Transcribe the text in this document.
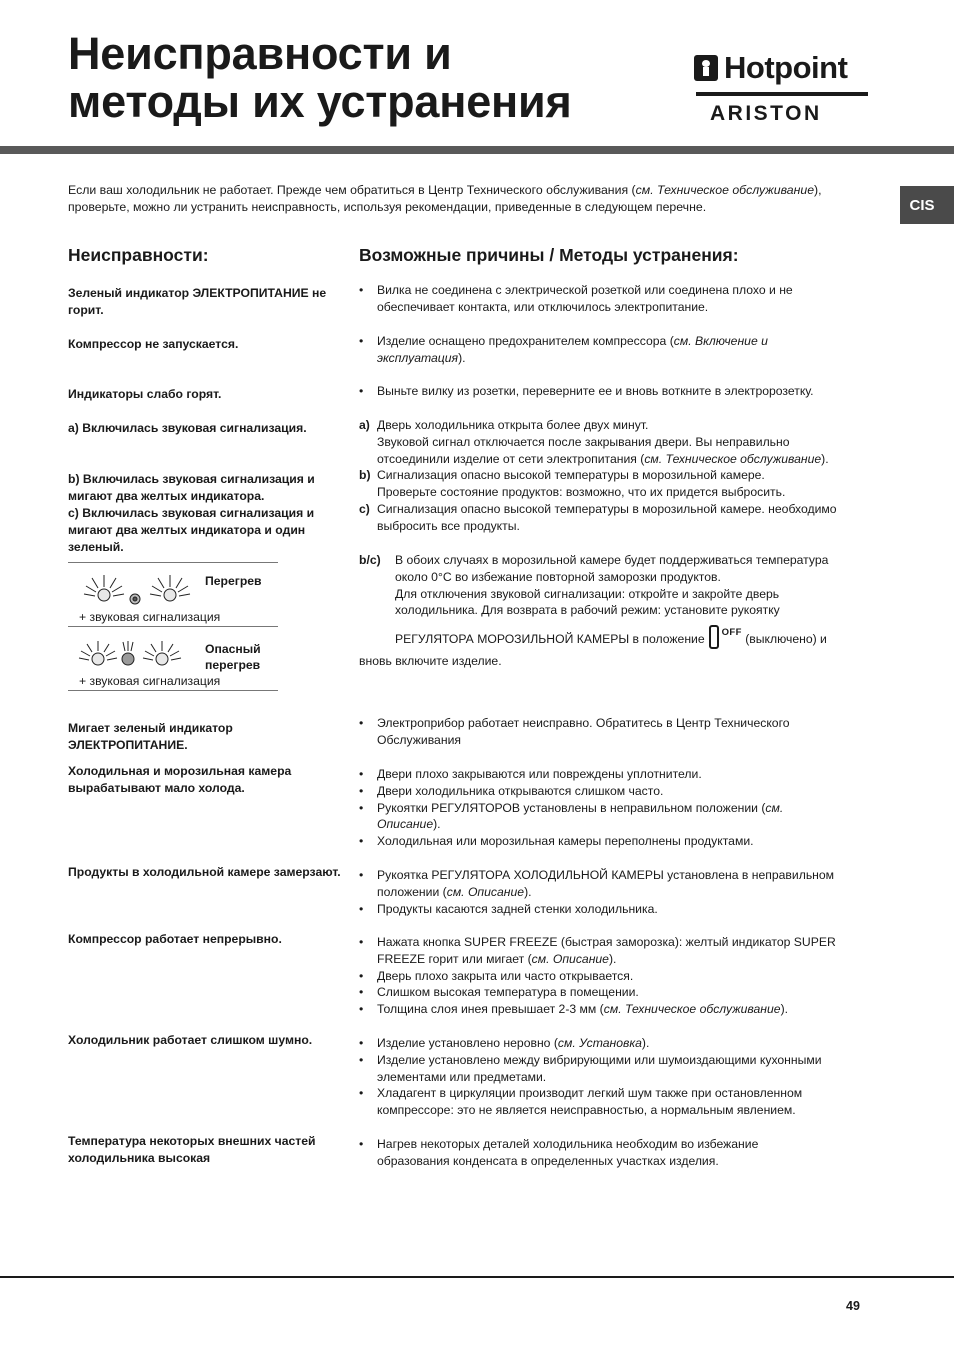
Неисправности и
методы их устранения
Hotpoint
ARISTON
CIS

Если ваш холодильник не работает. Прежде чем обратиться в Центр Технического обслуживания (см. Техническое обслуживание),
проверьте, можно ли устранить неисправность, используя рекомендации, приведенные в следующем перечне.

Неисправности:	Возможные причины / Методы устранения:

Зеленый индикатор ЭЛЕКТРОПИТАНИЕ не
горит.

Компрессор не запускается.

Индикаторы слабо горят.

a) Включилась звуковая сигнализация.

b) Включилась звуковая сигнализация и
мигают два желтых индикатора.
c) Включилась звуковая сигнализация и
мигают два желтых индикатора и один
зеленый.

Перегрев
+ звуковая сигнализация
Опасный
перегрев
+ звуковая сигнализация

Мигает зеленый индикатор
ЭЛЕКТРОПИТАНИЕ.

Холодильная и морозильная камера
вырабатывают мало холода.

Продукты в холодильной камере замерзают.

Компрессор работает непрерывно.

Холодильник работает слишком шумно.

Температура некоторых внешних частей
холодильника высокая

• Вилка не соединена с электрической розеткой или соединена плохо и не
обеспечивает контакта, или отключилось электропитание.
• Изделие оснащено предохранителем компрессора (см. Включение и
эксплуатация).
• Выньте вилку из розетки, переверните ее и вновь воткните в электророзетку.
a) Дверь холодильника открыта более двух минут.
Звуковой сигнал отключается после закрывания двери. Вы неправильно
отсоединили изделие от сети электропитания (см. Техническое обслуживание).
b) Сигнализация опасно высокой температуры в морозильной камере.
Проверьте состояние продуктов: возможно, что их придется выбросить.
c) Сигнализация опасно высокой температуры в морозильной камере. необходимо
выбросить все продукты.
b/c) В обоих случаях в морозильной камере будет поддерживаться температура
около 0°С во избежание повторной заморозки продуктов.
Для отключения звуковой сигнализации: откройте и закройте дверь
холодильника. Для возврата в рабочий режим: установите рукоятку
РЕГУЛЯТОРА МОРОЗИЛЬНОЙ КАМЕРЫ в положение $^{OFF}$ (выключено) и
вновь включите изделие.
• Электроприбор работает неисправно. Обратитесь в Центр Технического
Обслуживания
• Двери плохо закрываются или повреждены уплотнители.
• Двери холодильника открываются слишком часто.
• Рукоятки РЕГУЛЯТОРОВ установлены в неправильном положении (см.
Описание).
• Холодильная или морозильная камеры переполнены продуктами.
• Рукоятка РЕГУЛЯТОРА ХОЛОДИЛЬНОЙ КАМЕРЫ установлена в неправильном
положении (см. Описание).
• Продукты касаются задней стенки холодильника.
• Нажата кнопка SUPER FREEZE (быстрая заморозка): желтый индикатор SUPER
FREEZE горит или мигает (см. Описание).
• Дверь плохо закрыта или часто открывается.
• Слишком высокая температура в помещении.
• Толщина слоя инея превышает 2-3 мм (см. Техническое обслуживание).
• Изделие установлено неровно (см. Установка).
• Изделие установлено между вибрирующими или шумоиздающими кухонными
элементами или предметами.
• Хладагент в циркуляции производит легкий шум также при остановленном
компрессоре: это не является неисправностью, а нормальным явлением.
• Нагрев некоторых деталей холодильника необходим во избежание
образования конденсата в определенных участках изделия.
49
